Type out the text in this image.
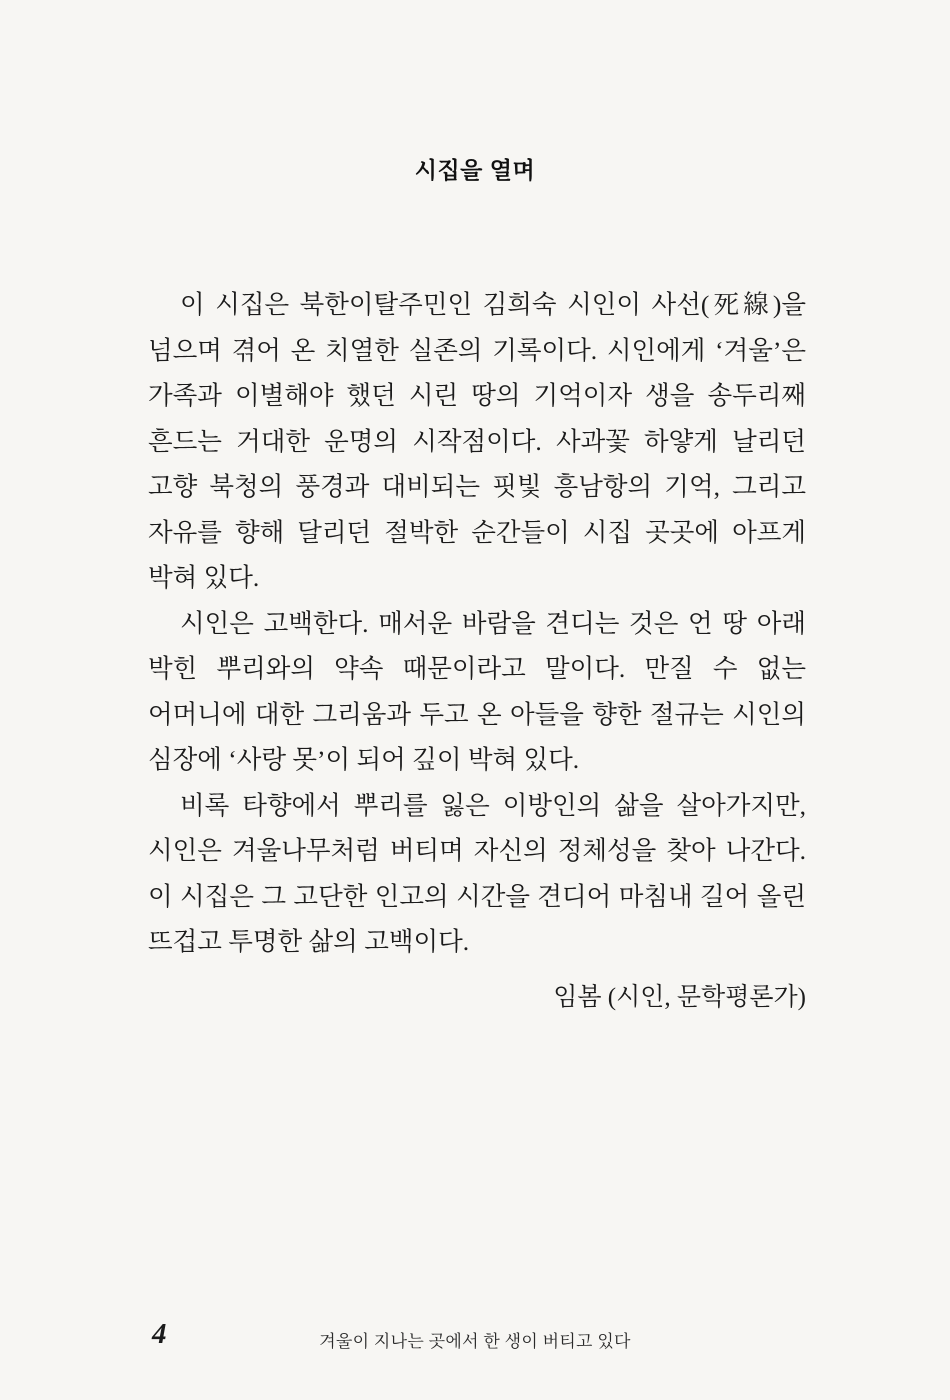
시집을 열며

이 시집은 북한이탈주민인 김희숙 시인이 사선(死線)을 넘으며 겪어 온 치열한 실존의 기록이다. 시인에게 ‘겨울’은 가족과 이별해야 했던 시린 땅의 기억이자 생을 송두리째 흔드는 거대한 운명의 시작점이다. 사과꽃 하얗게 날리던 고향 북청의 풍경과 대비되는 핏빛 흥남항의 기억, 그리고 자유를 향해 달리던 절박한 순간들이 시집 곳곳에 아프게 박혀 있다.

시인은 고백한다. 매서운 바람을 견디는 것은 언 땅 아래 박힌 뿌리와의 약속 때문이라고 말이다. 만질 수 없는 어머니에 대한 그리움과 두고 온 아들을 향한 절규는 시인의 심장에 ‘사랑 못’이 되어 깊이 박혀 있다.

비록 타향에서 뿌리를 잃은 이방인의 삶을 살아가지만, 시인은 겨울나무처럼 버티며 자신의 정체성을 찾아 나간다. 이 시집은 그 고단한 인고의 시간을 견디어 마침내 길어 올린 뜨겁고 투명한 삶의 고백이다.

임봄 (시인, 문학평론가)
4	겨울이 지나는 곳에서 한 생이 버티고 있다
